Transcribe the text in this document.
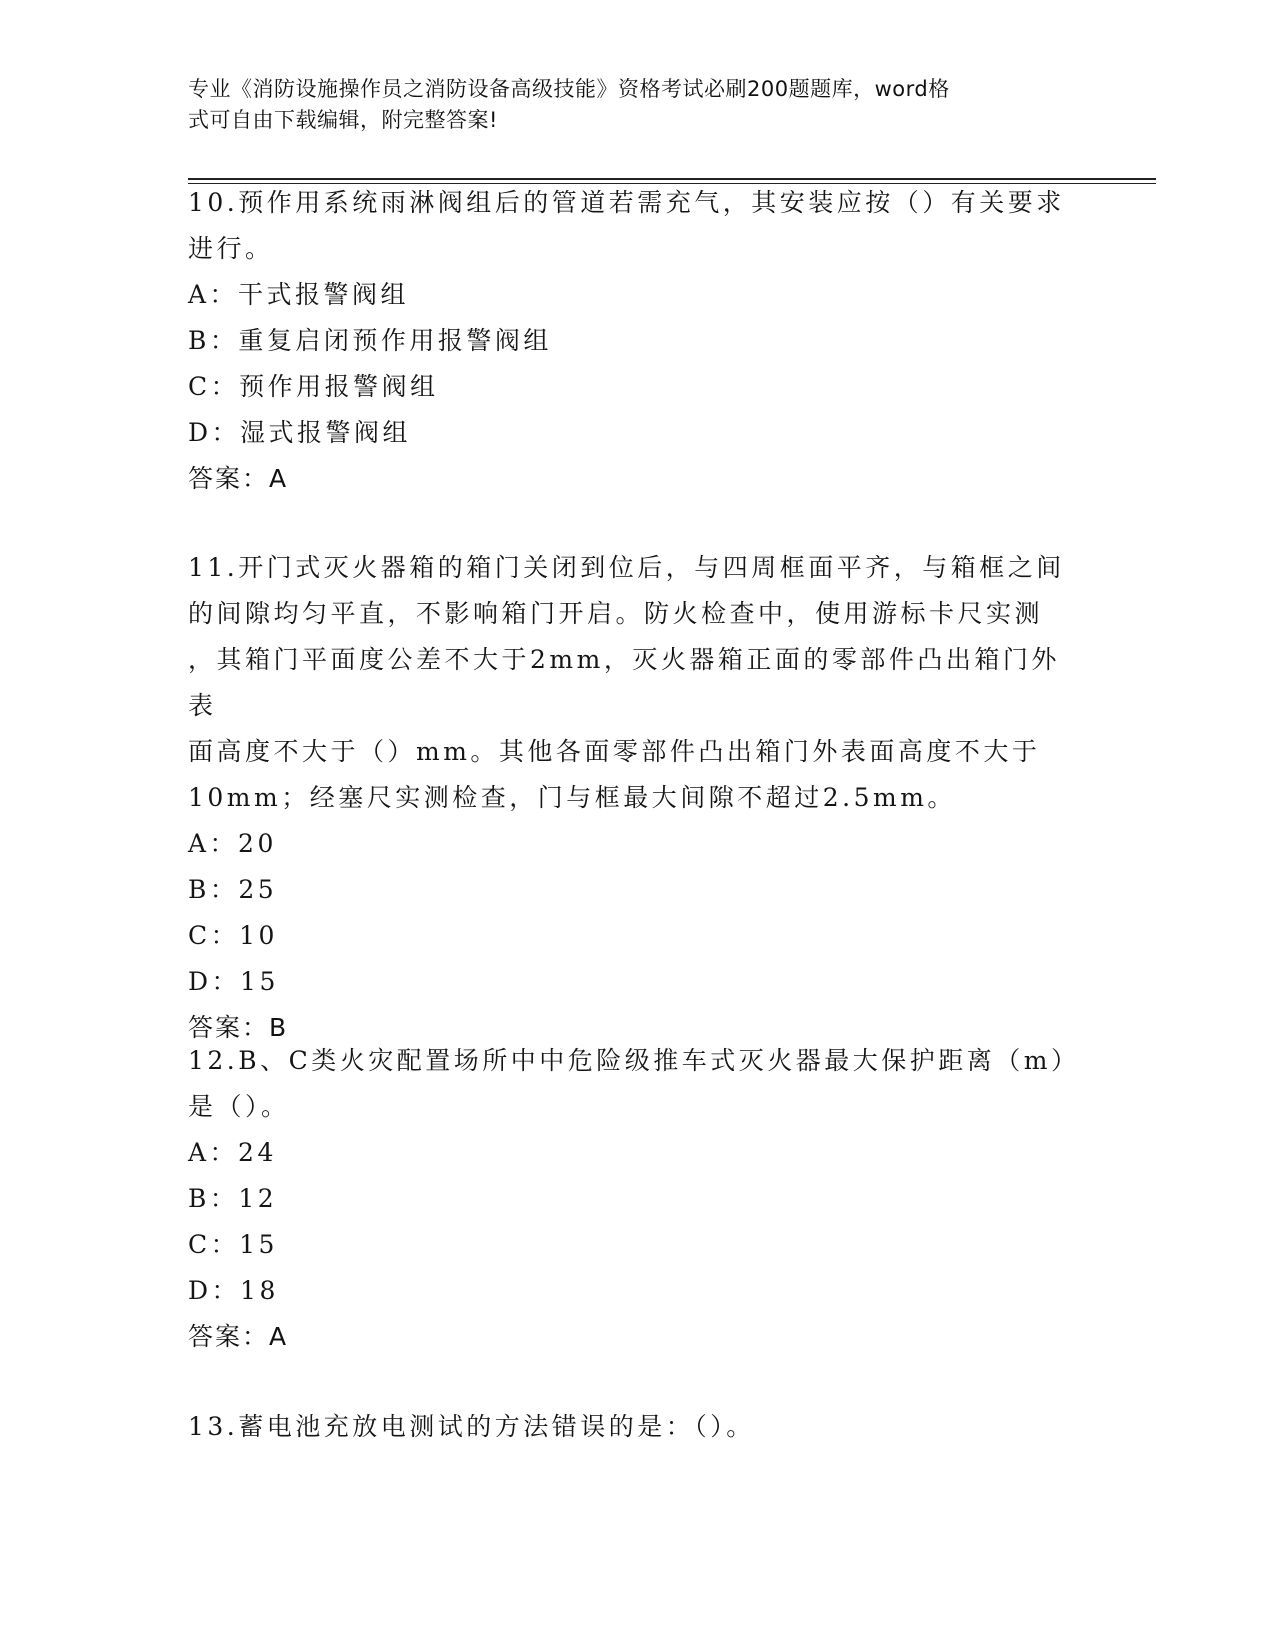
专业《消防设施操作员之消防设备高级技能》资格考试必刷200题题库，word格
式可自由下载编辑，附完整答案!
10.预作用系统雨淋阀组后的管道若需充气，其安装应按（）有关要求
进行。
A：干式报警阀组
B：重复启闭预作用报警阀组
C：预作用报警阀组
D：湿式报警阀组
答案：A
11.开门式灭火器箱的箱门关闭到位后，与四周框面平齐，与箱框之间
的间隙均匀平直，不影响箱门开启。防火检查中，使用游标卡尺实测
，其箱门平面度公差不大于2mm，灭火器箱正面的零部件凸出箱门外表
面高度不大于（）mm。其他各面零部件凸出箱门外表面高度不大于
10mm；经塞尺实测检查，门与框最大间隙不超过2.5mm。
A：20
B：25
C：10
D：15
答案：B
12.B、C类火灾配置场所中中危险级推车式灭火器最大保护距离（m）
是（）。
A：24
B：12
C：15
D：18
答案：A
13.蓄电池充放电测试的方法错误的是：（）。
